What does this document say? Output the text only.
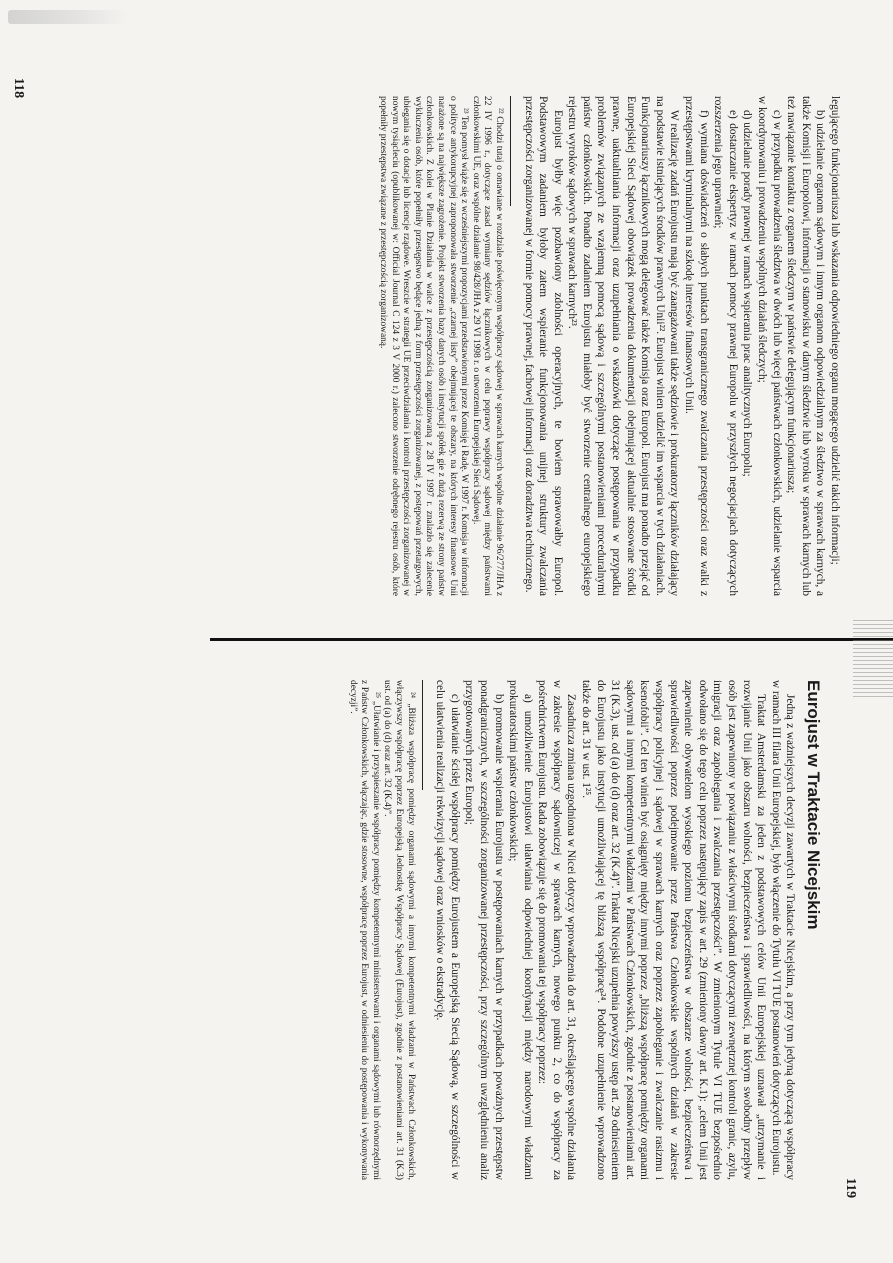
118

legującego funkcjonariusza lub wskazania odpowiedniego organu mogącego udzielić takich informacji;

b) udzielanie organom sądowym i innym organom odpowiedzialnym za śledztwo w sprawach karnych, a także Komisji i Europolowi, informacji o stanowisku w danym śledztwie lub wyroku w sprawach karnych lub też nawiązanie kontaktu z organem śledczym w państwie delegującym funkcjonariusza;

c) w przypadku prowadzenia śledztwa w dwóch lub więcej państwach członkowskich, udzielanie wsparcia w koordynowaniu i prowadzeniu wspólnych działań śledczych;

d) udzielanie porady prawnej w ramach wspierania prac analitycznych Europolu;

e) dostarczanie ekspertyz w ramach pomocy prawnej Europolu w przyszłych negocjacjach dotyczących rozszerzenia jego uprawnień;

f) wymiana doświadczeń o słabych punktach transgranicznego zwalczania przestępczości oraz walki z przestępstwami kryminalnymi na szkodę interesów finansowych Unii.

W realizację zadań Eurojustu mają być zaangażowani także sędziowie i prokuratorzy łączników działający na podstawie istniejących środków prawnych Unii²². Eurojust winien udzielić im wsparcia w tych działaniach. Funkcjonariuszy łącznikowych mogą delegować także Komisja oraz Europol. Eurojust ma ponadto przejąć od Europejskiej Sieci Sądowej obowiązek prowadzenia dokumentacji obejmującej aktualnie stosowane środki prawne, uaktualniania informacji oraz uzupełniania o wskazówki dotyczące postępowania w przypadku problemów związanych ze wzajemną pomocą sądową i szczególnymi postanowieniami proceduralnymi państw członkowskich. Ponadto zadaniem Eurojustu miałoby być stworzenie centralnego europejskiego rejestru wyroków sądowych w sprawach karnych²³.

Eurojust byłby więc pozbawiony zdolności operacyjnych, te bowiem sprawowałby Europol. Podstawowym zadaniem byłoby zatem wspieranie funkcjonowania unijnej struktury zwalczania przestępczości zorganizowanej w formie pomocy prawnej, fachowej informacji oraz doradztwa technicznego.

²² Chodzi tutaj o omawiane w rozdziale poświęconym współpracy sądowej w sprawach karnych wspólne działanie 96/277/JHA z 22 IV 1996 r., dotyczące zasad wymiany sędziów łącznikowych w celu poprawy współpracy sądowej między państwami członkowskimi UE, oraz wspólne działanie 98/428/JHA z 29 VI 1998 r. o utworzeniu Europejskiej Sieci Sądowej.

²³ Ten pomysł wiąże się z wcześniejszymi propozycjami przedstawionymi przez Komisję i Radę. W 1997 r. Komisja w informacji o polityce antykorupcyjnej zaproponowała stworzenie „czarnej listy” obejmującej te obszary, na których interesy finansowe Unii narażone są na największe zagrożenie. Projekt stworzenia bazy danych osób i instytucji spółek gie z dużą rezerwą ze strony państw członkowskich. Z kolei w Planie Działania w walce z przestępczością zorganizowaną z 28 IV 1997 r. znalazło się zalecenie wykluczenia osób, które popełniły przestępstwo będące jedną z form przestępczości zorganizowanej, z postępowań przetargowych, ubiegania się o dotacje lub licencje rządowe. Wreszcie w strategii UE przeciwdziałania i kontroli przestępczości zorganizowanej w nowym tysiącleciu (opublikowanej w: Official Journal C 124 z 3 V 2000 r.) zalecono stworzenie odrębnego rejestru osób, które popełniły przestępstwa związane z przestępczością zorganizowaną.

119
Eurojust w Traktacie Nicejskim

Jedną z ważniejszych decyzji zawartych w Traktacie Nicejskim, a przy tym jedyną dotyczącą współpracy w ramach III filara Unii Europejskiej, było włączenie do Tytułu VI TUE postanowień dotyczących Eurojustu.

Traktat Amsterdamski za jeden z podstawowych celów Unii Europejskiej uznawał „utrzymanie i rozwijanie Unii jako obszaru wolności, bezpieczeństwa i sprawiedliwości, na którym swobodny przepływ osób jest zapewniony w powiązaniu z właściwymi środkami dotyczącymi zewnętrznej kontroli granic, azylu, imigracji oraz zapobiegania i zwalczania przestępczości”. W zmienionym Tytule VI TUE bezpośrednio odwołano się do tego celu poprzez następujący zapis w art. 29 (zmieniony dawny art. K.1): „celem Unii jest zapewnienie obywatelom wysokiego poziomu bezpieczeństwa w obszarze wolności, bezpieczeństwa i sprawiedliwości poprzez podejmowanie przez Państwa Członkowskie wspólnych działań w zakresie współpracy policyjnej i sądowej w sprawach karnych oraz poprzez zapobieganie i zwalczanie rasizmu i ksenofobii”. Cel ten winien być osiągnięty między innymi poprzez „bliższą współpracę pomiędzy organami sądowymi a innymi kompetentnymi władzami w Państwach Członkowskich, zgodnie z postanowieniami art. 31 (K.3), ust. od (a) do (d) oraz art. 32 (K.4)”. Traktat Nicejski uzupełnia powyższy ustęp art. 29 odniesieniem do Eurojustu jako instytucji umożliwiającej tę bliższą współpracę²⁴. Podobne uzupełnienie wprowadzono także do art. 31 w ust. 1²⁵.

Zasadnicza zmiana uzgodniona w Nicei dotyczy wprowadzenia do art. 31, określającego wspólne działania w zakresie współpracy sądowniczej w sprawach karnych, nowego punktu 2, co do współpracy za pośrednictwem Eurojustu. Rada zobowiązuje się do promowania tej współpracy poprzez:

a) umożliwienie Eurojustowi ułatwiania odpowiedniej koordynacji między narodowymi władzami prokuratorskimi państw członkowskich;

b) promowanie wspierania Eurojustu w postępowaniach karnych w przypadkach poważnych przestępstw ponadgranicznych, w szczególności zorganizowanej przestępczości, przy szczególnym uwzględnieniu analiz przygotowanych przez Europol;

c) ułatwianie ścisłej współpracy pomiędzy Eurojustem a Europejską Siecią Sądową, w szczególności w celu ułatwienia realizacji rekwizycji sądowej oraz wniosków o ekstradycję.

²⁴ „Bliższa współpracę pomiędzy organami sądowymi a innymi kompetentnymi władzami w Państwach Członkowskich, włączywszy współpracę poprzez Europejską Jednostkę Współpracy Sądowej (Eurojust), zgodnie z postanowieniami art. 31 (K.3) ust. od (a) do (d) oraz art. 32 (K.4)”.

²⁵ „Ułatwianie i przyspieszanie współpracy pomiędzy kompetentnymi ministerstwami i organami sądowymi lub równorzędnymi z Państw Członkowskich, włączając, gdzie stosowne, współpracę poprzez Eurojust, w odniesieniu do postępowania i wykonywania decyzji”.
